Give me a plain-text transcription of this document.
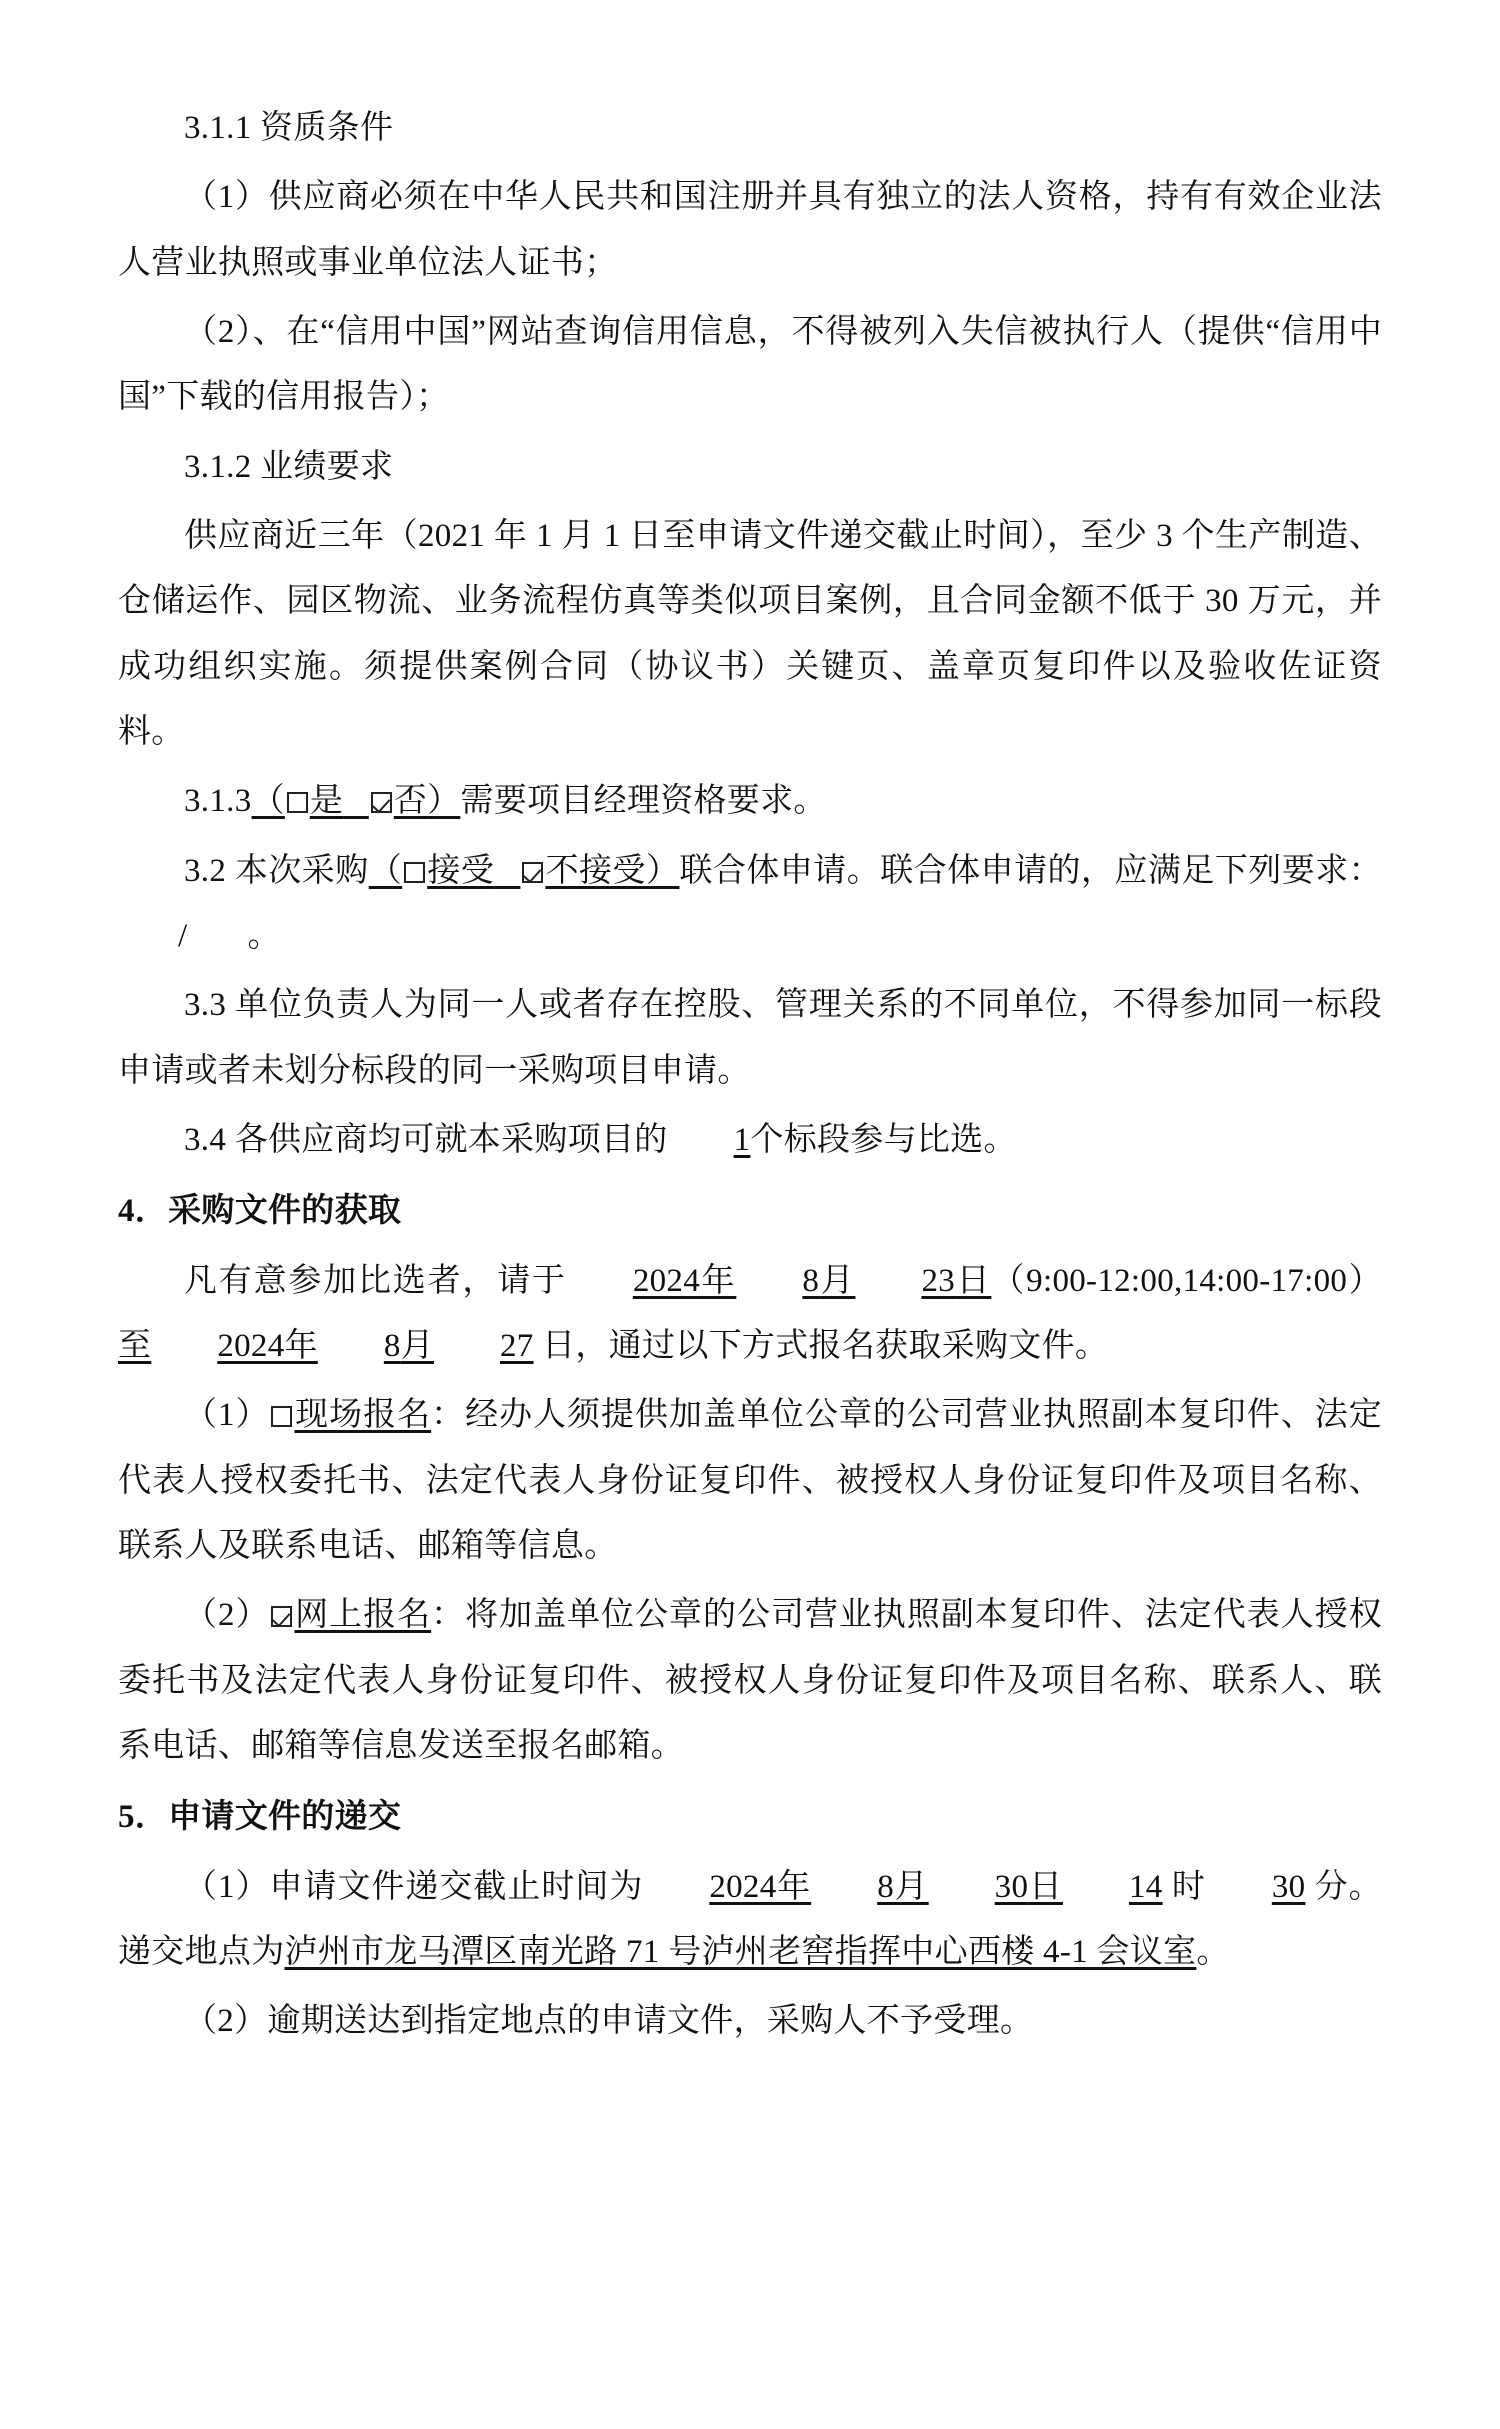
3.1.1 资质条件

（1）供应商必须在中华人民共和国注册并具有独立的法人资格，持有有效企业法人营业执照或事业单位法人证书；

（2）、在“信用中国”网站查询信用信息，不得被列入失信被执行人（提供“信用中国”下载的信用报告）；

3.1.2 业绩要求

供应商近三年（2021 年 1 月 1 日至申请文件递交截止时间），至少 3 个生产制造、仓储运作、园区物流、业务流程仿真等类似项目案例，且合同金额不低于 30 万元，并成功组织实施。须提供案例合同（协议书）关键页、盖章页复印件以及验收佐证资料。

3.1.3（ 是 否）需要项目经理资格要求。

3.2 本次采购（ 接受 不接受）联合体申请。联合体申请的，应满足下列要求：/ 。

3.3 单位负责人为同一人或者存在控股、管理关系的不同单位，不得参加同一标段申请或者未划分标段的同一采购项目申请。

3.4 各供应商均可就本采购项目的 1个标段参与比选。

4．采购文件的获取

凡有意参加比选者，请于 2024年 8月 23日（9:00-12:00,14:00-17:00）至 2024年 8月 27 日，通过以下方式报名获取采购文件。

（1） 现场报名：经办人须提供加盖单位公章的公司营业执照副本复印件、法定代表人授权委托书、法定代表人身份证复印件、被授权人身份证复印件及项目名称、联系人及联系电话、邮箱等信息。

（2） 网上报名：将加盖单位公章的公司营业执照副本复印件、法定代表人授权委托书及法定代表人身份证复印件、被授权人身份证复印件及项目名称、联系人、联系电话、邮箱等信息发送至报名邮箱。

5．申请文件的递交

（1）申请文件递交截止时间为 2024年 8月 30日 14 时 30 分。递交地点为泸州市龙马潭区南光路 71 号泸州老窖指挥中心西楼 4-1 会议室。

（2）逾期送达到指定地点的申请文件，采购人不予受理。
